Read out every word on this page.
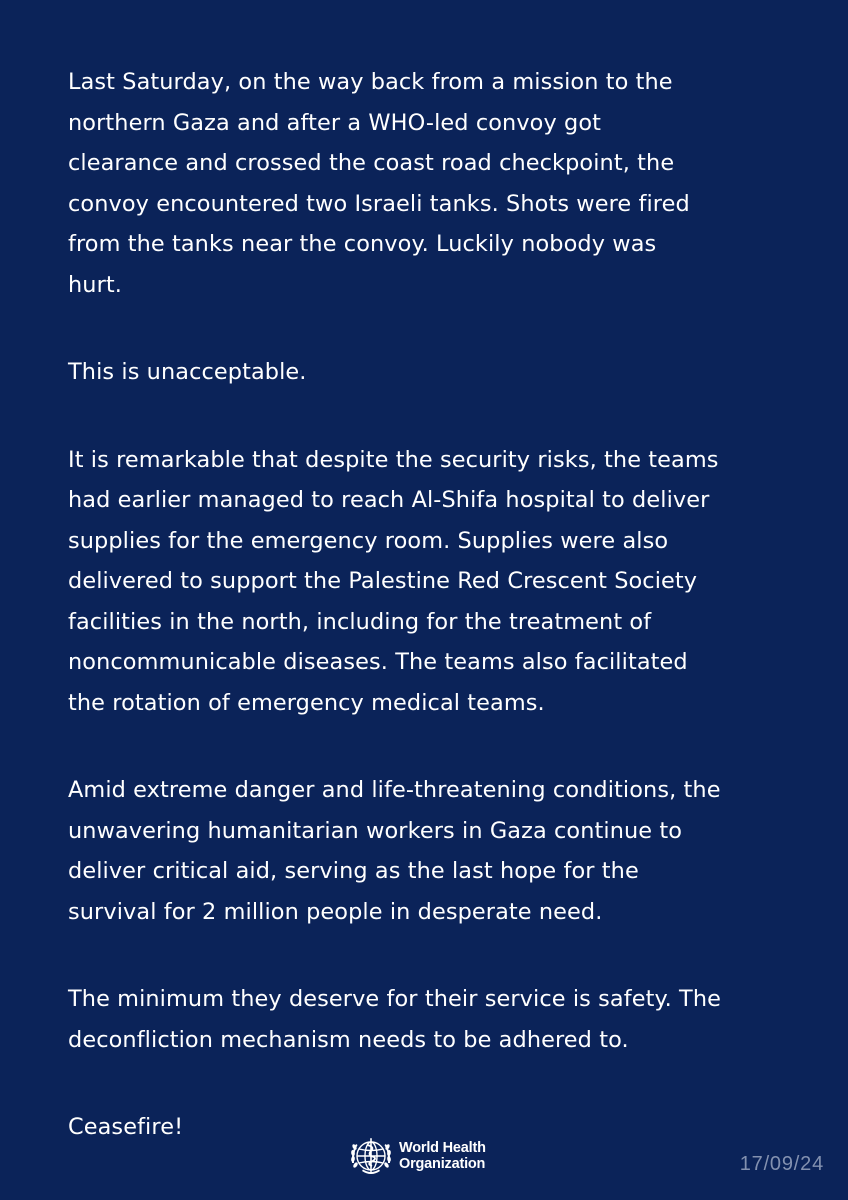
Last Saturday, on the way back from a mission to the
northern Gaza and after a WHO-led convoy got
clearance and crossed the coast road checkpoint, the
convoy encountered two Israeli tanks. Shots were fired
from the tanks near the convoy. Luckily nobody was
hurt.

This is unacceptable.

It is remarkable that despite the security risks, the teams
had earlier managed to reach Al-Shifa hospital to deliver
supplies for the emergency room. Supplies were also
delivered to support the Palestine Red Crescent Society
facilities in the north, including for the treatment of
noncommunicable diseases. The teams also facilitated
the rotation of emergency medical teams.

Amid extreme danger and life-threatening conditions, the
unwavering humanitarian workers in Gaza continue to
deliver critical aid, serving as the last hope for the
survival for 2 million people in desperate need.

The minimum they deserve for their service is safety. The
deconfliction mechanism needs to be adhered to.

Ceasefire!

World Health
Organization	17/09/24
